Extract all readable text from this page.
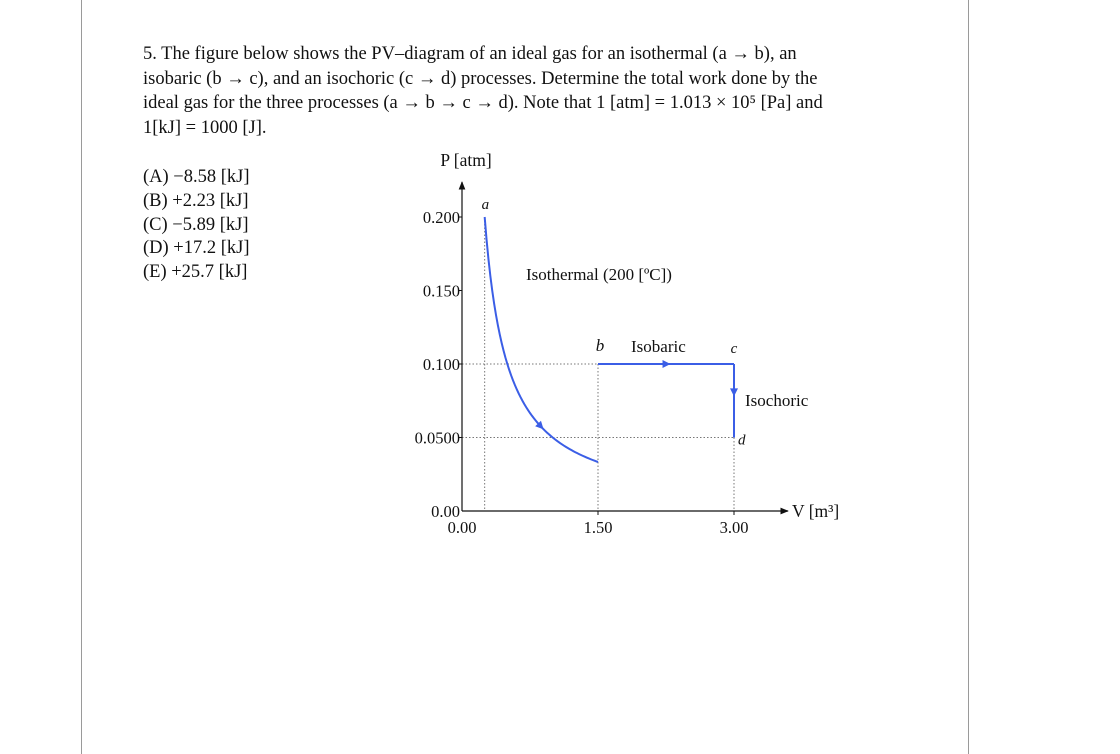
5. The figure below shows the PV–diagram of an ideal gas for an isothermal (a → b), an

isobaric (b → c), and an isochoric (c → d) processes. Determine the total work done by the

ideal gas for the three processes (a → b → c → d). Note that 1 [atm] = 1.013 × 10⁵ [Pa] and

1[kJ] = 1000 [J].

(A) −8.58 [kJ]
(B) +2.23 [kJ]
(C) −5.89 [kJ]
(D) +17.2 [kJ]
(E) +25.7 [kJ]
0.00
0.0500
0.100
0.150
0.200
0.00	1.50	3.00
P [atm]
V [m³]
a
b	c
d
Isothermal (200 [ºC])
Isobaric
Isochoric
